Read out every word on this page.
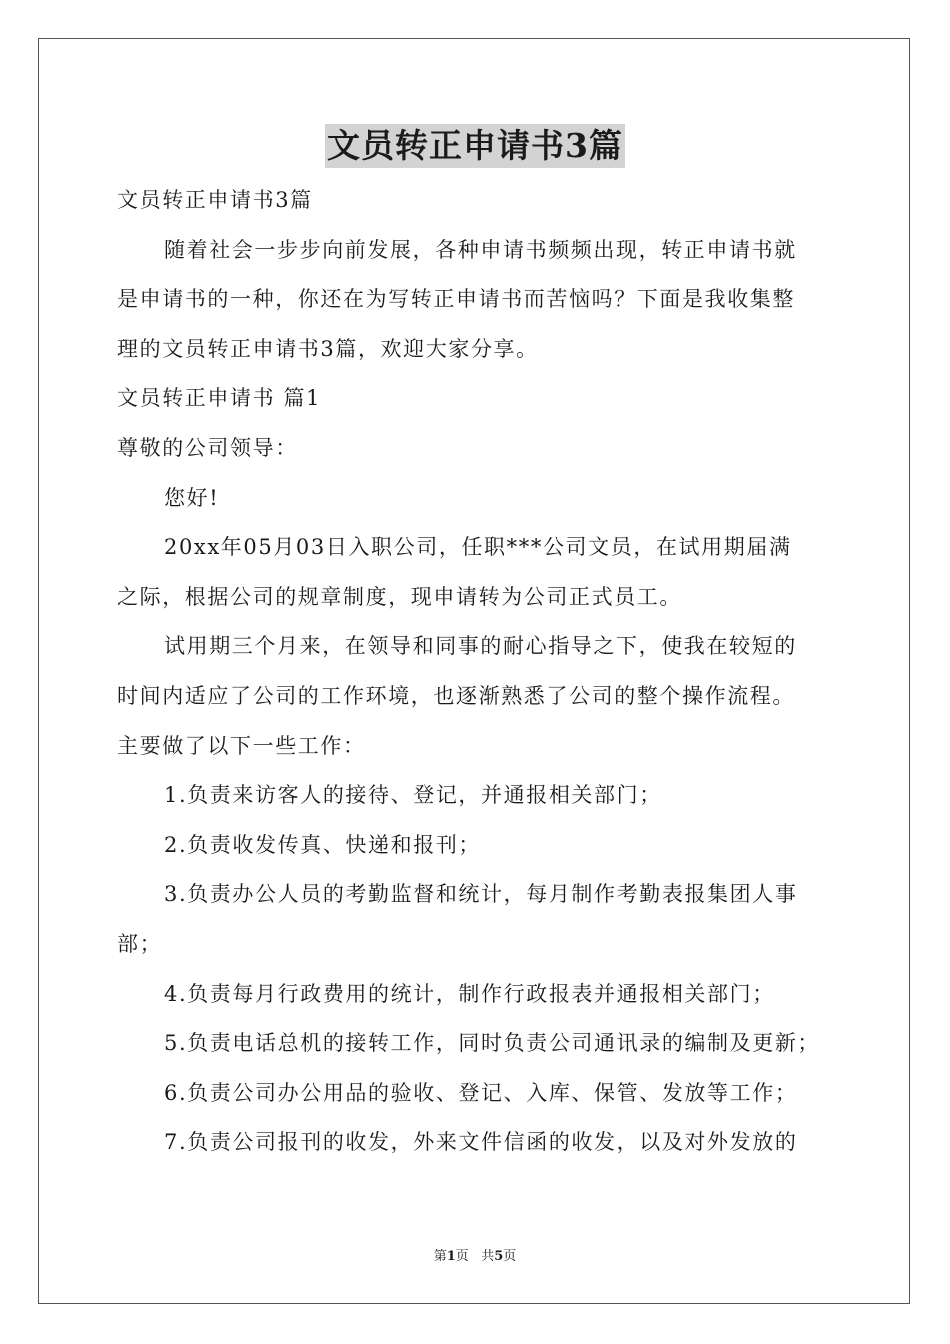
文员转正申请书3篇
文员转正申请书3篇
随着社会一步步向前发展，各种申请书频频出现，转正申请书就
是申请书的一种，你还在为写转正申请书而苦恼吗？下面是我收集整
理的文员转正申请书3篇，欢迎大家分享。
文员转正申请书 篇1
尊敬的公司领导：
您好!
20xx年05月03日入职公司，任职***公司文员，在试用期届满
之际，根据公司的规章制度，现申请转为公司正式员工。
试用期三个月来，在领导和同事的耐心指导之下，使我在较短的
时间内适应了公司的工作环境，也逐渐熟悉了公司的整个操作流程。
主要做了以下一些工作：
1.负责来访客人的接待、登记，并通报相关部门；
2.负责收发传真、快递和报刊；
3.负责办公人员的考勤监督和统计，每月制作考勤表报集团人事
部；
4.负责每月行政费用的统计，制作行政报表并通报相关部门；
5.负责电话总机的接转工作，同时负责公司通讯录的编制及更新；
6.负责公司办公用品的验收、登记、入库、保管、发放等工作；
7.负责公司报刊的收发，外来文件信函的收发，以及对外发放的
第1页 共5页
